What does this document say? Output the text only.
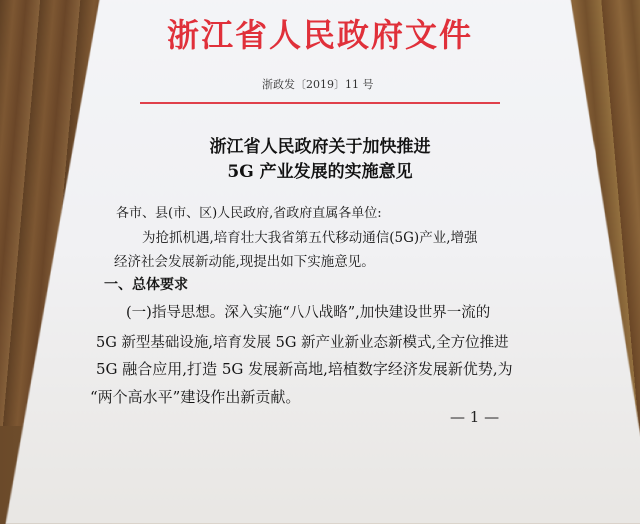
浙江省人民政府文件
浙政发〔2019〕11 号
浙江省人民政府关于加快推进
5G 产业发展的实施意见
各市、县(市、区)人民政府,省政府直属各单位:
为抢抓机遇,培育壮大我省第五代移动通信(5G)产业,增强
经济社会发展新动能,现提出如下实施意见。
一、总体要求
(一)指导思想。深入实施“八八战略”,加快建设世界一流的
5G 新型基础设施,培育发展 5G 新产业新业态新模式,全方位推进
5G 融合应用,打造 5G 发展新高地,培植数字经济发展新优势,为
“两个高水平”建设作出新贡献。
— 1 —
